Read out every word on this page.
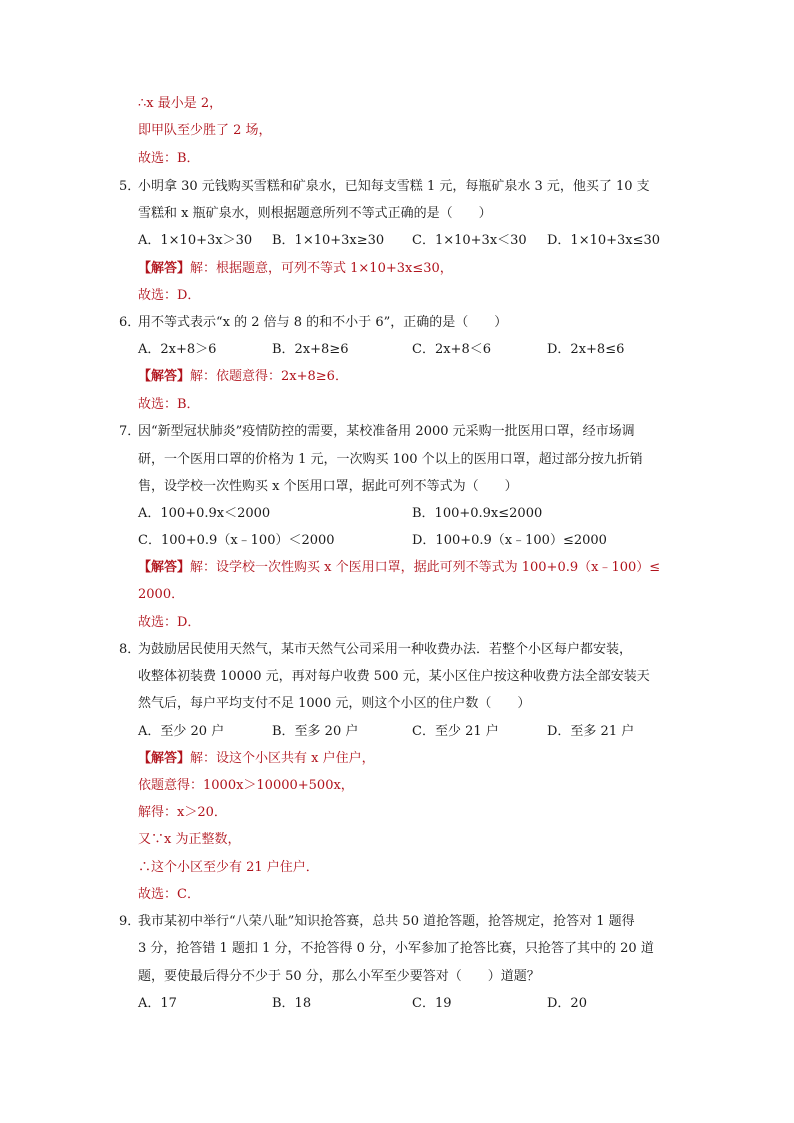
∴x 最小是 2，
即甲队至少胜了 2 场，
故选：B．
5．
小明拿 30 元钱购买雪糕和矿泉水，已知每支雪糕 1 元，每瓶矿泉水 3 元，他买了 10 支
雪糕和 x 瓶矿泉水，则根据题意所列不等式正确的是（　　）
A．1×10+3x＞30 B．1×10+3x≥30 C．1×10+3x＜30 D．1×10+3x≤30
【解答】解：根据题意，可列不等式 1×10+3x≤30，
故选：D．
6．
用不等式表示“x 的 2 倍与 8 的和不小于 6”，正确的是（　　）
A．2x+8＞6	B．2x+8≥6	C．2x+8＜6	D．2x+8≤6
【解答】解：依题意得：2x+8≥6．
故选：B．
7．
因“新型冠状肺炎”疫情防控的需要，某校准备用 2000 元采购一批医用口罩，经市场调
研，一个医用口罩的价格为 1 元，一次购买 100 个以上的医用口罩，超过部分按九折销
售，设学校一次性购买 x 个医用口罩，据此可列不等式为（　　）
A．100+0.9x＜2000	B．100+0.9x≤2000
C．100+0.9（x﹣100）＜2000	D．100+0.9（x﹣100）≤2000
【解答】解：设学校一次性购买 x 个医用口罩，据此可列不等式为 100+0.9（x﹣100）≤
2000．
故选：D．
8．
为鼓励居民使用天然气，某市天然气公司采用一种收费办法．若整个小区每户都安装，
收整体初装费 10000 元，再对每户收费 500 元，某小区住户按这种收费方法全部安装天
然气后，每户平均支付不足 1000 元，则这个小区的住户数（　　）
A．至少 20 户	B．至多 20 户	C．至少 21 户	D．至多 21 户
【解答】解：设这个小区共有 x 户住户，
依题意得：1000x＞10000+500x，
解得：x＞20．
又∵x 为正整数，
∴这个小区至少有 21 户住户．
故选：C．
9．
我市某初中举行“八荣八耻”知识抢答赛，总共 50 道抢答题，抢答规定，抢答对 1 题得
3 分，抢答错 1 题扣 1 分，不抢答得 0 分，小军参加了抢答比赛，只抢答了其中的 20 道
题，要使最后得分不少于 50 分，那么小军至少要答对（　　）道题？
A．17	B．18	C．19	D．20
